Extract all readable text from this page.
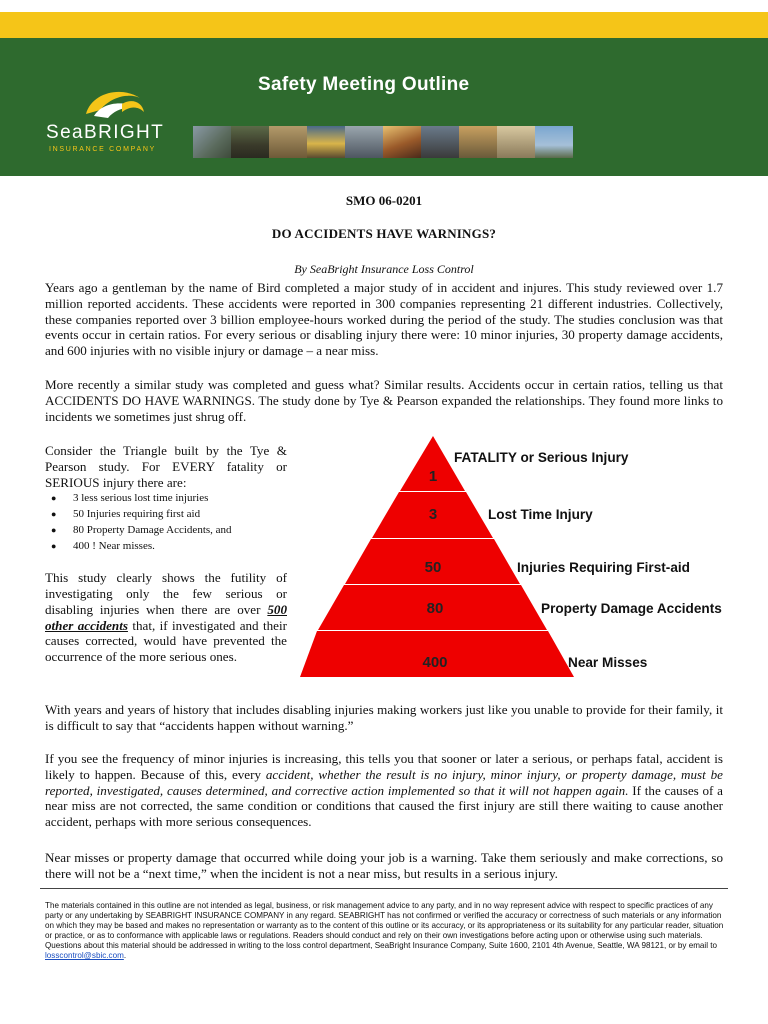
Safety Meeting Outline
SeaBRIGHT
INSURANCE COMPANY
SMO 06-0201
DO ACCIDENTS HAVE WARNINGS?
By SeaBright Insurance Loss Control
Years ago a gentleman by the name of Bird completed a major study of in accident and injures. This study reviewed over 1.7 million reported accidents. These accidents were reported in 300 companies representing 21 different industries. Collectively, these companies reported over 3 billion employee-hours worked during the period of the study. The studies conclusion was that events occur in certain ratios. For every serious or disabling injury there were: 10 minor injuries, 30 property damage accidents, and 600 injuries with no visible injury or damage – a near miss.
More recently a similar study was completed and guess what? Similar results. Accidents occur in certain ratios, telling us that ACCIDENTS DO HAVE WARNINGS. The study done by Tye & Pearson expanded the relationships. They found more links to incidents we sometimes just shrug off.
Consider the Triangle built by the Tye & Pearson study. For EVERY fatality or SERIOUS injury there are:
● 3 less serious lost time injuries
● 50 Injuries requiring first aid
● 80 Property Damage Accidents, and
● 400 ! Near misses.
This study clearly shows the futility of investigating only the few serious or disabling injuries when there are over 500 other accidents that, if investigated and their causes corrected, would have prevented the occurrence of the more serious ones.
1
3
50
80
400
FATALITY or Serious Injury
Lost Time Injury
Injuries Requiring First-aid
Property Damage Accidents
Near Misses
With years and years of history that includes disabling injuries making workers just like you unable to provide for their family, it is difficult to say that “accidents happen without warning.”
If you see the frequency of minor injuries is increasing, this tells you that sooner or later a serious, or perhaps fatal, accident is likely to happen. Because of this, every accident, whether the result is no injury, minor injury, or property damage, must be reported, investigated, causes determined, and corrective action implemented so that it will not happen again. If the causes of a near miss are not corrected, the same condition or conditions that caused the first injury are still there waiting to cause another accident, perhaps with more serious consequences.
Near misses or property damage that occurred while doing your job is a warning. Take them seriously and make corrections, so there will not be a “next time,” when the incident is not a near miss, but results in a serious injury.
The materials contained in this outline are not intended as legal, business, or risk management advice to any party, and in no way represent advice with respect to specific practices of any party or any undertaking by SEABRIGHT INSURANCE COMPANY in any regard. SEABRIGHT has not confirmed or verified the accuracy or correctness of such materials or any information on which they may be based and makes no representation or warranty as to the content of this outline or its accuracy, or its appropriateness or its suitability for any particular reader, situation or practice, or as to conformance with applicable laws or regulations. Readers should conduct and rely on their own investigations before acting upon or otherwise using such materials. Questions about this material should be addressed in writing to the loss control department, SeaBright Insurance Company, Suite 1600, 2101 4th Avenue, Seattle, WA 98121, or by email to losscontrol@sbic.com.
